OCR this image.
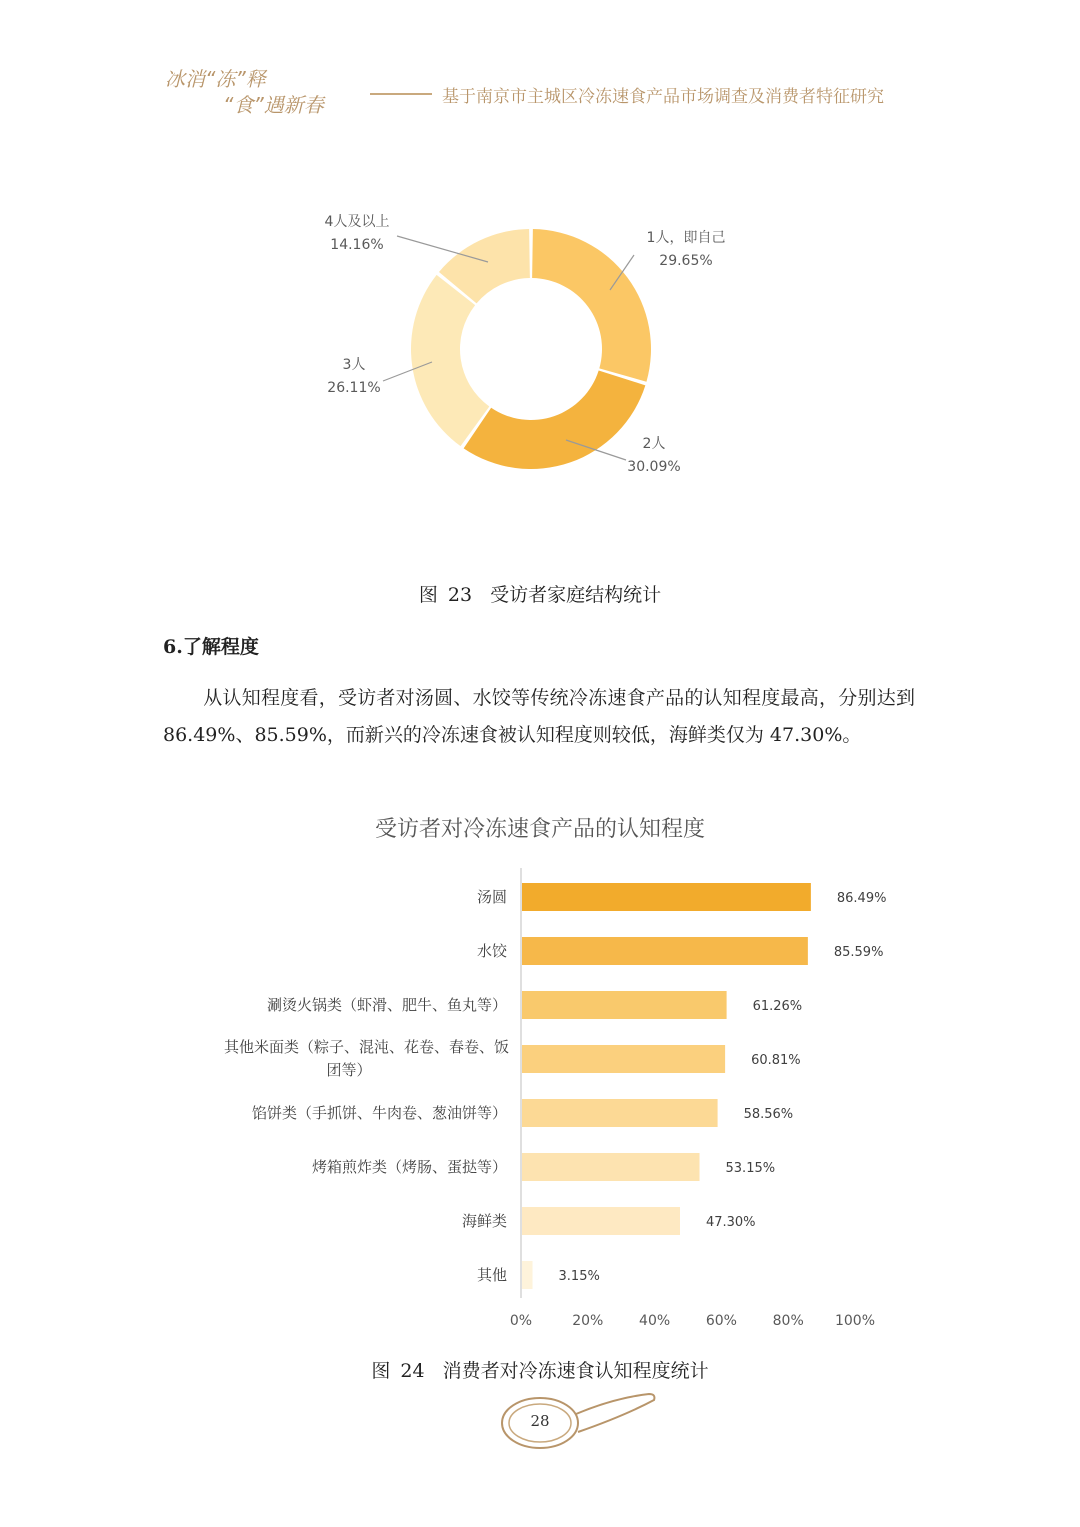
冰消“冻”释
“食”遇新春	基于南京市主城区冷冻速食产品市场调查及消费者特征研究
1人，即自己
29.65%
2人
30.09%
3人
26.11%
4人及以上
14.16%
图 23 受访者家庭结构统计
6.了解程度
从认知程度看，受访者对汤圆、水饺等传统冷冻速食产品的认知程度最高，分别达到 86.49%、85.59%，而新兴的冷冻速食被认知程度则较低，海鲜类仅为 47.30%。
受访者对冷冻速食产品的认知程度
86.49%
汤圆
85.59%
水饺
61.26%
涮烫火锅类（虾滑、肥牛、鱼丸等）
60.81%
其他米面类（粽子、混沌、花卷、春卷、饭
团等）
58.56%
馅饼类（手抓饼、牛肉卷、葱油饼等）
53.15%
烤箱煎炸类（烤肠、蛋挞等）
47.30%
海鲜类
3.15%
其他
0%	20%	40%	60%	80% 100%
图 24 消费者对冷冻速食认知程度统计
28
